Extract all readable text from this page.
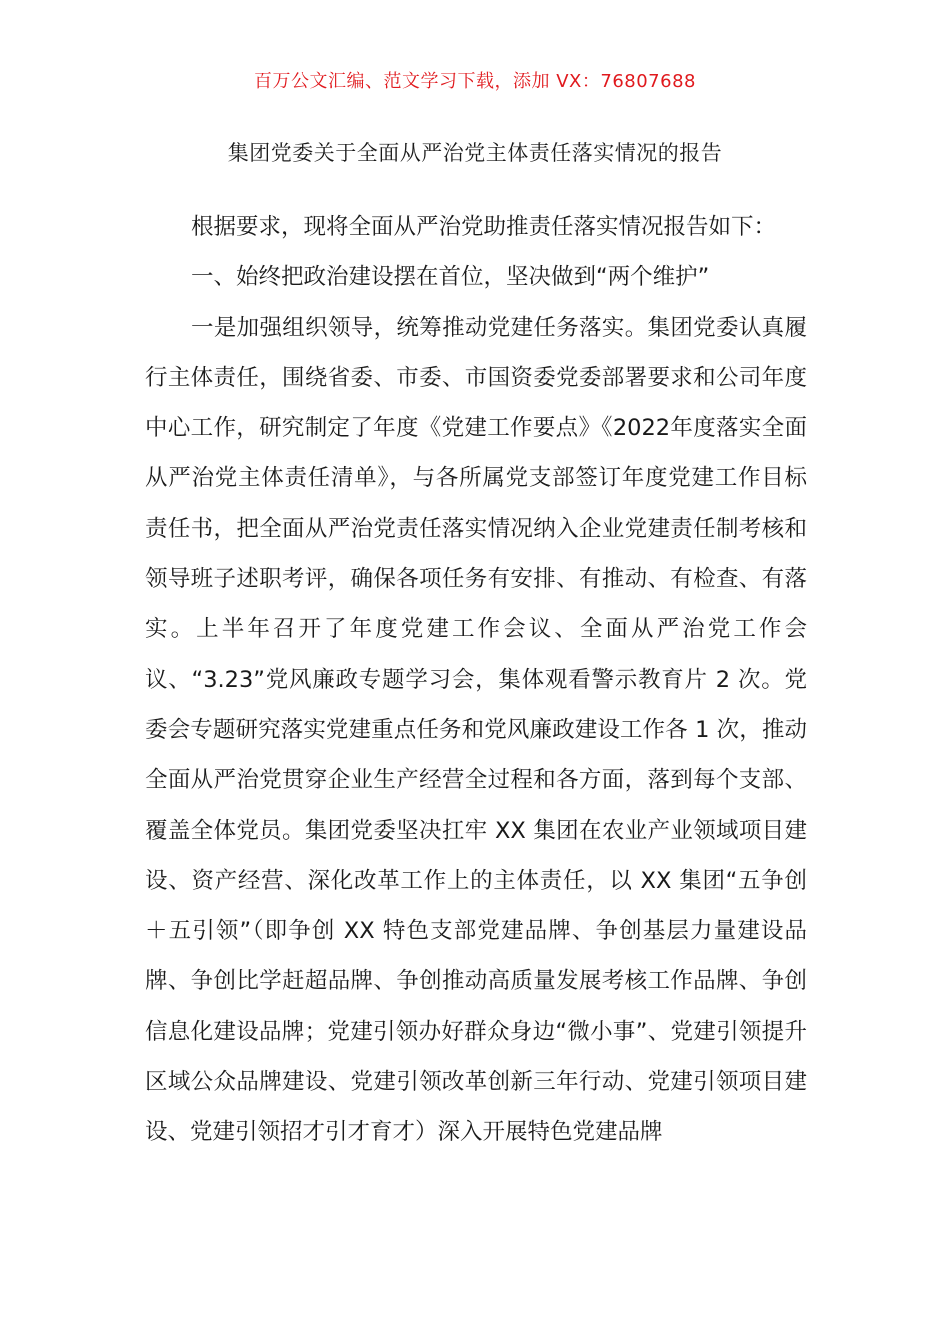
百万公文汇编、范文学习下载，添加 VX：76807688
集团党委关于全面从严治党主体责任落实情况的报告

根据要求，现将全面从严治党助推责任落实情况报告如下：

一、始终把政治建设摆在首位，坚决做到“两个维护”

一是加强组织领导，统筹推动党建任务落实。集团党委认真履行主体责任，围绕省委、市委、市国资委党委部署要求和公司年度中心工作，研究制定了年度《党建工作要点》《2022年度落实全面从严治党主体责任清单》，与各所属党支部签订年度党建工作目标责任书，把全面从严治党责任落实情况纳入企业党建责任制考核和领导班子述职考评，确保各项任务有安排、有推动、有检查、有落实。上半年召开了年度党建工作会议、全面从严治党工作会议、“3.23”党风廉政专题学习会，集体观看警示教育片 2 次。党委会专题研究落实党建重点任务和党风廉政建设工作各 1 次，推动全面从严治党贯穿企业生产经营全过程和各方面，落到每个支部、覆盖全体党员。集团党委坚决扛牢 XX 集团在农业产业领域项目建设、资产经营、深化改革工作上的主体责任，以 XX 集团“五争创＋五引领”（即争创 XX 特色支部党建品牌、争创基层力量建设品牌、争创比学赶超品牌、争创推动高质量发展考核工作品牌、争创信息化建设品牌；党建引领办好群众身边“微小事”、党建引领提升区域公众品牌建设、党建引领改革创新三年行动、党建引领项目建设、党建引领招才引才育才）深入开展特色党建品牌
